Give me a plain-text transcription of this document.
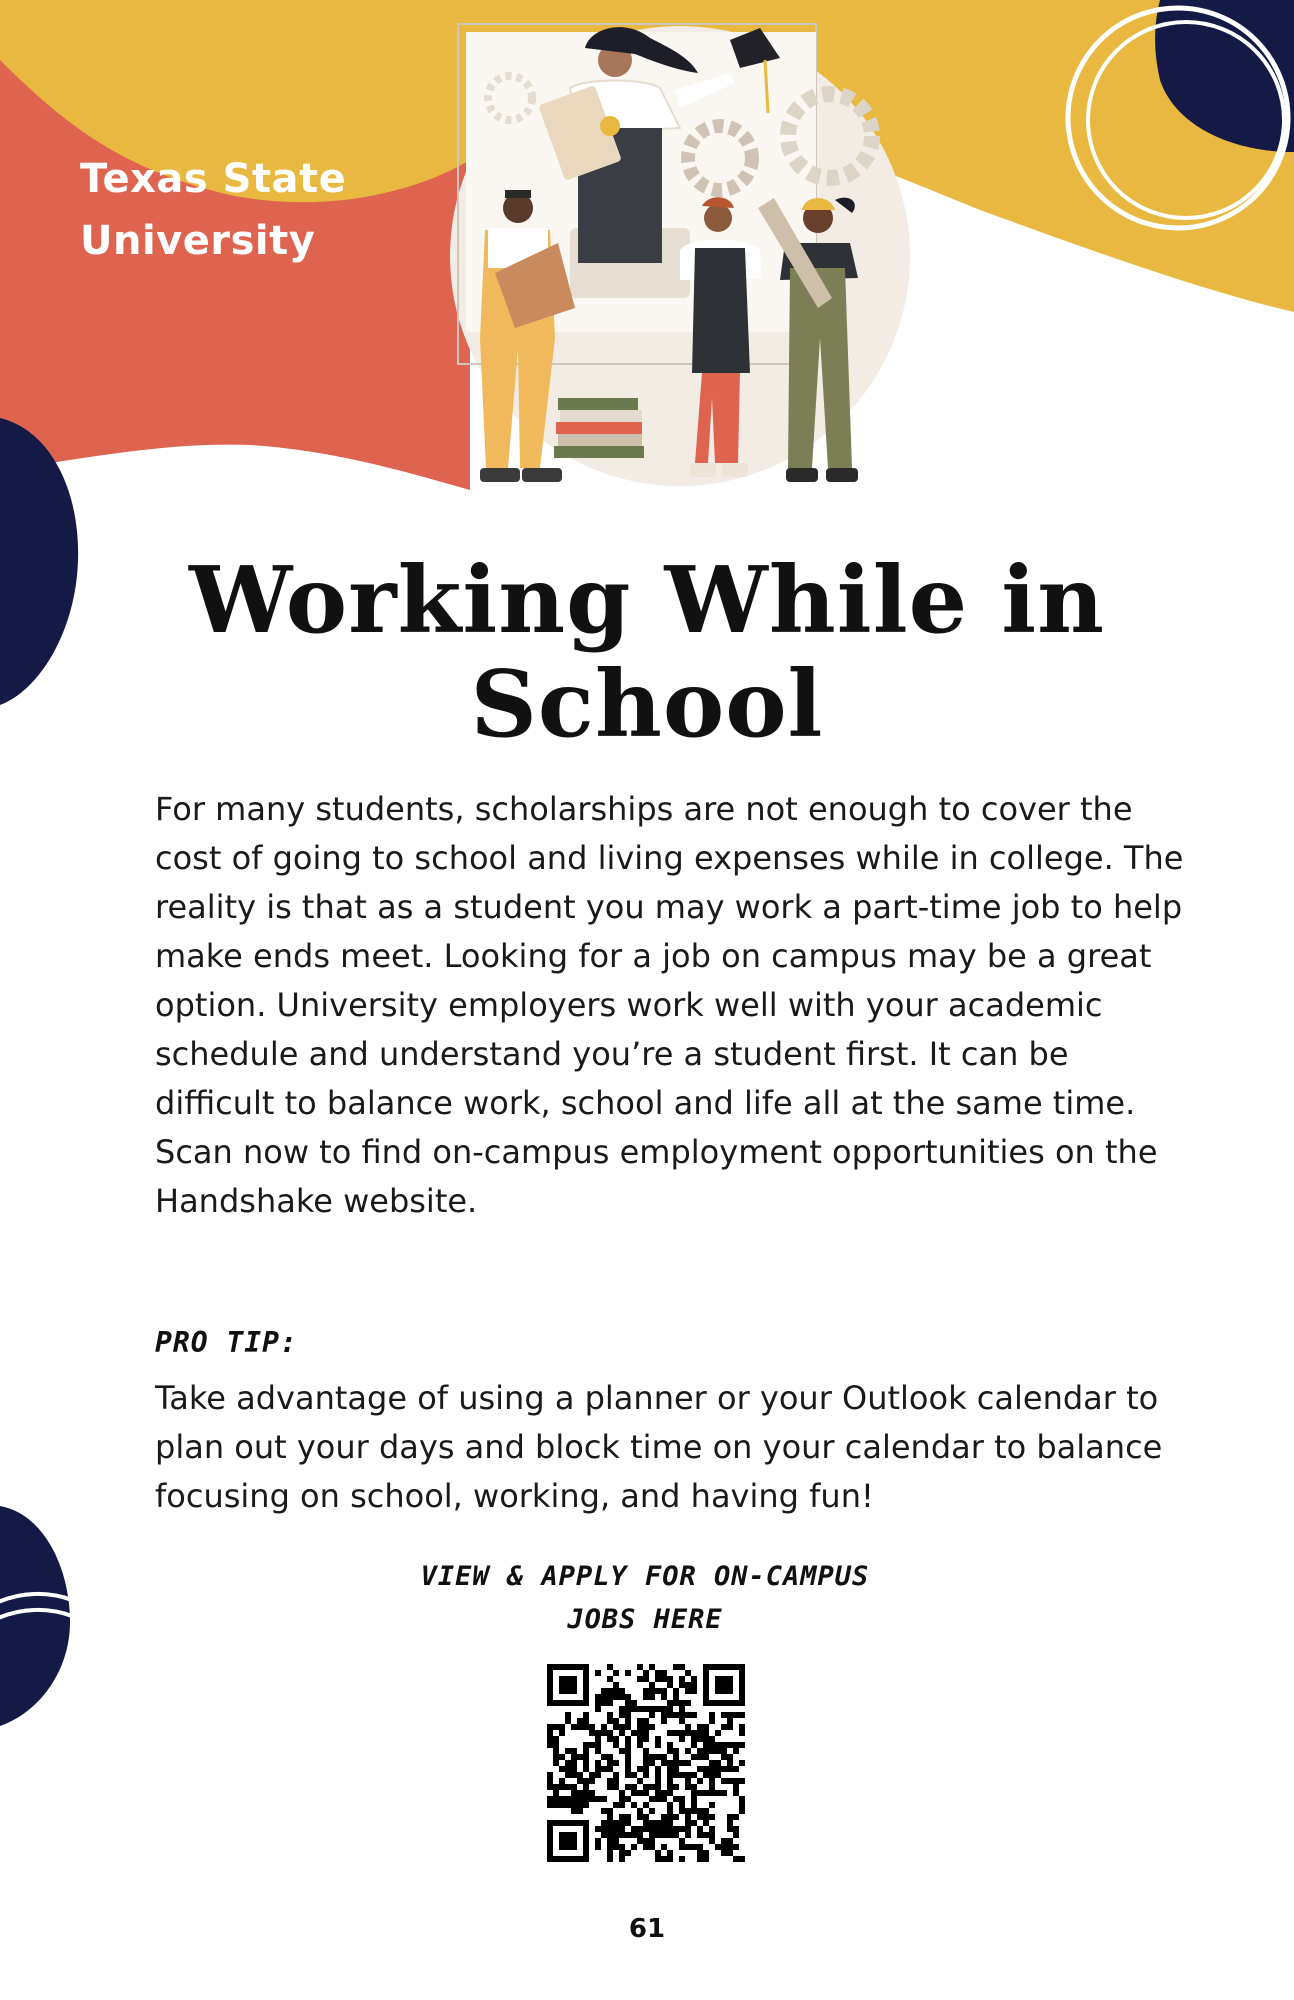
Texas State
University
Working While in
School

For many students, scholarships are not enough to cover the cost of going to school and living expenses while in college. The reality is that as a student you may work a part-time job to help make ends meet. Looking for a job on campus may be a great option. University employers work well with your academic schedule and understand you’re a student first. It can be difficult to balance work, school and life all at the same time. Scan now to find on-campus employment opportunities on the Handshake website.

PRO TIP:

Take advantage of using a planner or your Outlook calendar to plan out your days and block time on your calendar to balance focusing on school, working, and having fun!

VIEW & APPLY FOR ON-CAMPUS
JOBS HERE
61
